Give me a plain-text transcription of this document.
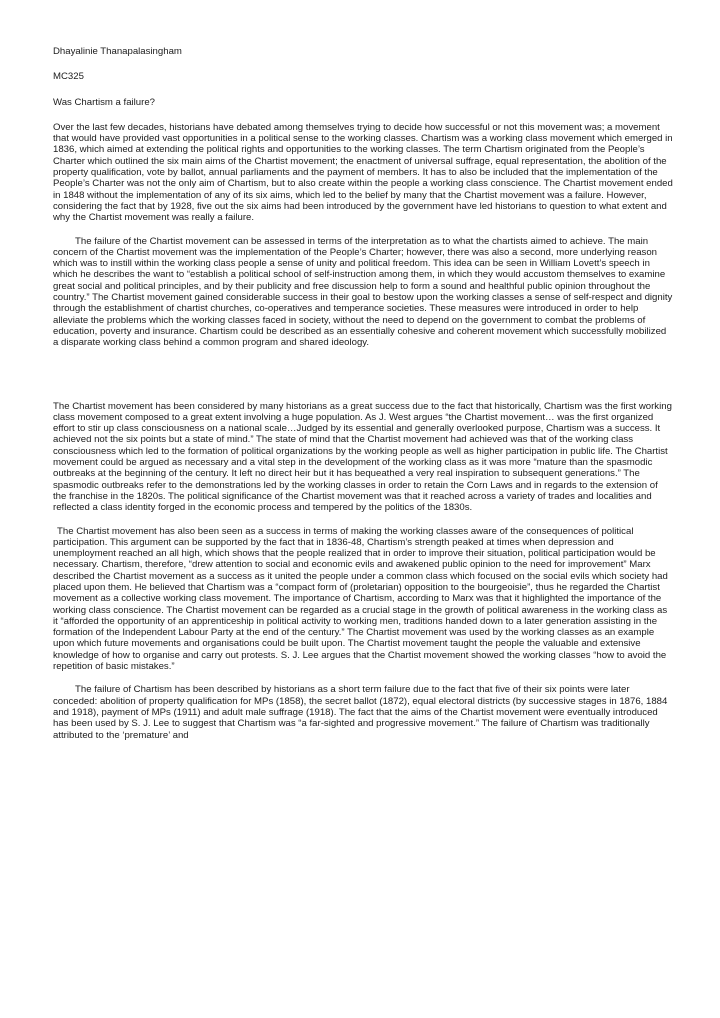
Dhayalinie Thanapalasingham

MC325

Was Chartism a failure?

Over the last few decades, historians have debated among themselves trying to decide how successful or not this movement was; a movement that would have provided vast opportunities in a political sense to the working classes. Chartism was a working class movement which emerged in 1836, which aimed at extending the political rights and opportunities to the working classes. The term Chartism originated from the People’s Charter which outlined the six main aims of the Chartist movement; the enactment of universal suffrage, equal representation, the abolition of the property qualification, vote by ballot, annual parliaments and the payment of members. It has to also be included that the implementation of the People’s Charter was not the only aim of Chartism, but to also create within the people a working class conscience. The Chartist movement ended in 1848 without the implementation of any of its six aims, which led to the belief by many that the Chartist movement was a failure. However, considering the fact that by 1928, five out the six aims had been introduced by the government have led historians to question to what extent and why the Chartist movement was really a failure.

The failure of the Chartist movement can be assessed in terms of the interpretation as to what the chartists aimed to achieve. The main concern of the Chartist movement was the implementation of the People’s Charter; however, there was also a second, more underlying reason which was to instill within the working class people a sense of unity and political freedom. This idea can be seen in William Lovett’s speech in which he describes the want to “establish a political school of self-instruction among them, in which they would accustom themselves to examine great social and political principles, and by their publicity and free discussion help to form a sound and healthful public opinion throughout the country.” The Chartist movement gained considerable success in their goal to bestow upon the working classes a sense of self-respect and dignity through the establishment of chartist churches, co-operatives and temperance societies. These measures were introduced in order to help alleviate the problems which the working classes faced in society, without the need to depend on the government to combat the problems of education, poverty and insurance. Chartism could be described as an essentially cohesive and coherent movement which successfully mobilized a disparate working class behind a common program and shared ideology.

The Chartist movement has been considered by many historians as a great success due to the fact that historically, Chartism was the first working class movement composed to a great extent involving a huge population. As J. West argues “the Chartist movement… was the first organized effort to stir up class consciousness on a national scale…Judged by its essential and generally overlooked purpose, Chartism was a success. It achieved not the six points but a state of mind.” The state of mind that the Chartist movement had achieved was that of the working class consciousness which led to the formation of political organizations by the working people as well as higher participation in public life. The Chartist movement could be argued as necessary and a vital step in the development of the working class as it was more “mature than the spasmodic outbreaks at the beginning of the century. It left no direct heir but it has bequeathed a very real inspiration to subsequent generations.” The spasmodic outbreaks refer to the demonstrations led by the working classes in order to retain the Corn Laws and in regards to the extension of the franchise in the 1820s. The political significance of the Chartist movement was that it reached across a variety of trades and localities and reflected a class identity forged in the economic process and tempered by the politics of the 1830s.

The Chartist movement has also been seen as a success in terms of making the working classes aware of the consequences of political participation. This argument can be supported by the fact that in 1836-48, Chartism’s strength peaked at times when depression and unemployment reached an all high, which shows that the people realized that in order to improve their situation, political participation would be necessary. Chartism, therefore, “drew attention to social and economic evils and awakened public opinion to the need for improvement” Marx described the Chartist movement as a success as it united the people under a common class which focused on the social evils which society had placed upon them. He believed that Chartism was a “compact form of (proletarian) opposition to the bourgeoisie”, thus he regarded the Chartist movement as a collective working class movement. The importance of Chartism, according to Marx was that it highlighted the importance of the working class conscience. The Chartist movement can be regarded as a crucial stage in the growth of political awareness in the working class as it “afforded the opportunity of an apprenticeship in political activity to working men, traditions handed down to a later generation assisting in the formation of the Independent Labour Party at the end of the century.” The Chartist movement was used by the working classes as an example upon which future movements and organisations could be built upon. The Chartist movement taught the people the valuable and extensive knowledge of how to organise and carry out protests. S. J. Lee argues that the Chartist movement showed the working classes “how to avoid the repetition of basic mistakes.”

The failure of Chartism has been described by historians as a short term failure due to the fact that five of their six points were later conceded: abolition of property qualification for MPs (1858), the secret ballot (1872), equal electoral districts (by successive stages in 1876, 1884 and 1918), payment of MPs (1911) and adult male suffrage (1918). The fact that the aims of the Chartist movement were eventually introduced has been used by S. J. Lee to suggest that Chartism was “a far-sighted and progressive movement.” The failure of Chartism was traditionally attributed to the ‘premature’ and
